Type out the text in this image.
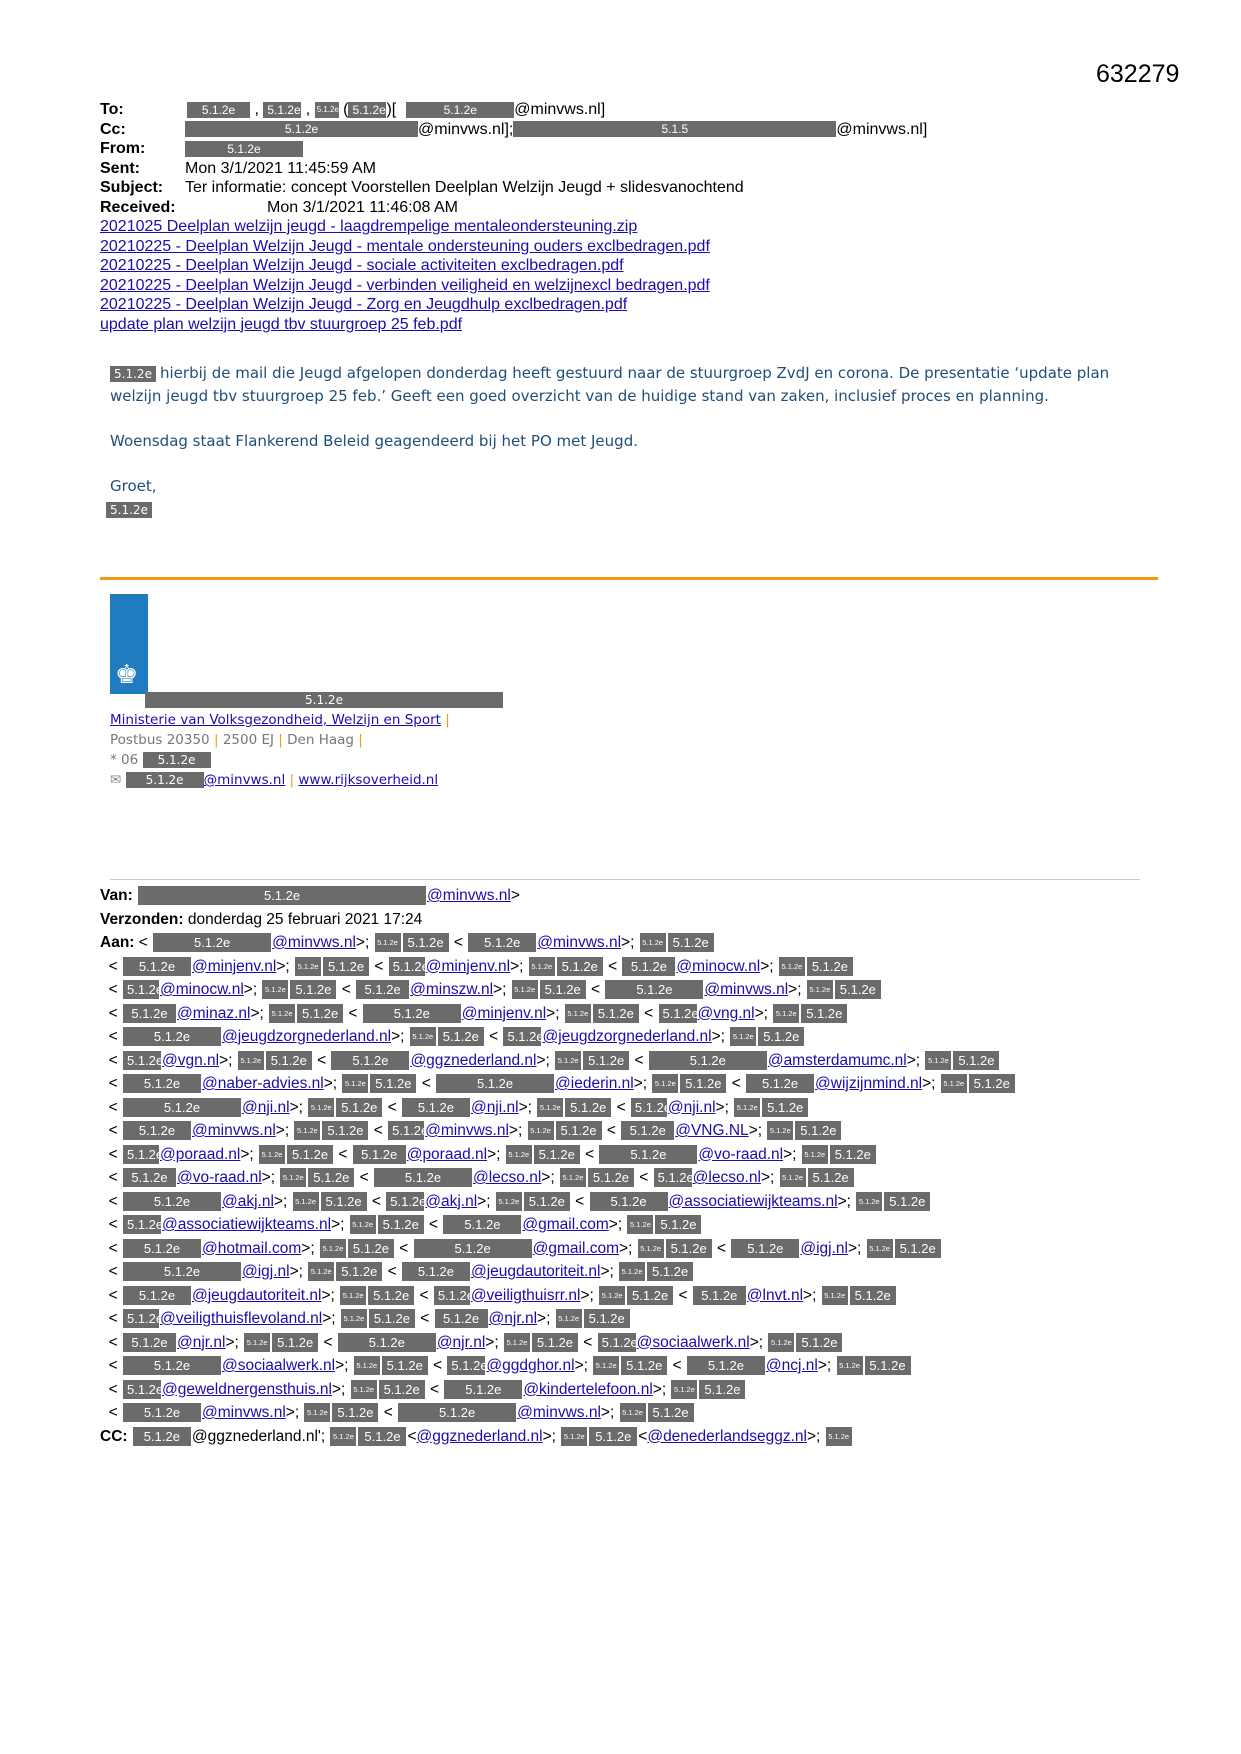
632279
To:	5.1.2e , 5.1.2e , 5.1.2e ( 5.1.2e )[	5.1.2e	@minvws.nl]
Cc:	5.1.2e	@minvws.nl];	5.1.5	@minvws.nl]
From:	5.1.2e
Sent:	Mon 3/1/2021 11:45:59 AM
Subject:	Ter informatie: concept Voorstellen Deelplan Welzijn Jeugd + slidesvanochtend
Received:	Mon 3/1/2021 11:46:08 AM
2021025 Deelplan welzijn jeugd - laagdrempelige mentaleondersteuning.zip
20210225 - Deelplan Welzijn Jeugd - mentale ondersteuning ouders exclbedragen.pdf
20210225 - Deelplan Welzijn Jeugd - sociale activiteiten exclbedragen.pdf
20210225 - Deelplan Welzijn Jeugd - verbinden veiligheid en welzijnexcl bedragen.pdf
20210225 - Deelplan Welzijn Jeugd - Zorg en Jeugdhulp exclbedragen.pdf
update plan welzijn jeugd tbv stuurgroep 25 feb.pdf

5.1.2e hierbij de mail die Jeugd afgelopen donderdag heeft gestuurd naar de stuurgroep ZvdJ en corona. De presentatie ‘update plan welzijn jeugd tbv stuurgroep 25 feb.’ Geeft een goed overzicht van de huidige stand van zaken, inclusief proces en planning.

Woensdag staat Flankerend Beleid geagendeerd bij het PO met Jeugd.

Groet,
5.1.2e

♚
5.1.2e
Ministerie van Volksgezondheid, Welzijn en Sport |
Postbus 20350 | 2500 EJ | Den Haag |
* 06 5.1.2e
✉ 5.1.2e @minvws.nl | www.rijksoverheid.nl
Van:	5.1.2e	@minvws.nl>
Verzonden: donderdag 25 februari 2021 17:24
Aan: <	5.1.2e	@minvws.nl>; 5.1.2e 5.1.2e < 5.1.2e @minvws.nl>; 5.1.2e 5.1.2e
< 5.1.2e @minjenv.nl>; 5.1.2e 5.1.2e < 5.1.2e@minjenv.nl>; 5.1.2e 5.1.2e < 5.1.2e @minocw.nl>; 5.1.2e 5.1.2e
< 5.1.2e@minocw.nl>; 5.1.2e 5.1.2e < 5.1.2e @minszw.nl>; 5.1.2e 5.1.2e < 5.1.2e @minvws.nl>; 5.1.2e 5.1.2e
< 5.1.2e @minaz.nl>; 5.1.2e 5.1.2e < 5.1.2e @minjenv.nl>; 5.1.2e 5.1.2e < 5.1.2e@vng.nl>; 5.1.2e 5.1.2e
< 5.1.2e @jeugdzorgnederland.nl>; 5.1.2e 5.1.2e < 5.1.2e@jeugdzorgnederland.nl>; 5.1.2e 5.1.2e
< 5.1.2e@vgn.nl>; 5.1.2e 5.1.2e < 5.1.2e @ggznederland.nl>; 5.1.2e 5.1.2e <	5.1.2e	@amsterdamumc.nl>; 5.1.2e 5.1.2e
< 5.1.2e @naber-advies.nl>; 5.1.2e 5.1.2e <	5.1.2e	@iederin.nl>; 5.1.2e 5.1.2e < 5.1.2e @wijzijnmind.nl>; 5.1.2e 5.1.2e
<	5.1.2e	@nji.nl>; 5.1.2e 5.1.2e < 5.1.2e @nji.nl>; 5.1.2e 5.1.2e < 5.1.2e@nji.nl>; 5.1.2e 5.1.2e
< 5.1.2e @minvws.nl>; 5.1.2e 5.1.2e < 5.1.2e@minvws.nl>; 5.1.2e 5.1.2e < 5.1.2e @VNG.NL>; 5.1.2e 5.1.2e
< 5.1.2e@poraad.nl>; 5.1.2e 5.1.2e < 5.1.2e @poraad.nl>; 5.1.2e 5.1.2e < 5.1.2e @vo-raad.nl>; 5.1.2e 5.1.2e
< 5.1.2e @vo-raad.nl>; 5.1.2e 5.1.2e < 5.1.2e @lecso.nl>; 5.1.2e 5.1.2e < 5.1.2e@lecso.nl>; 5.1.2e 5.1.2e
< 5.1.2e @akj.nl>; 5.1.2e 5.1.2e < 5.1.2e@akj.nl>; 5.1.2e 5.1.2e < 5.1.2e @associatiewijkteams.nl>; 5.1.2e 5.1.2e
< 5.1.2e@associatiewijkteams.nl>; 5.1.2e 5.1.2e < 5.1.2e @gmail.com>; 5.1.2e 5.1.2e
< 5.1.2e @hotmail.com>; 5.1.2e 5.1.2e <	5.1.2e	@gmail.com>; 5.1.2e 5.1.2e < 5.1.2e @igj.nl>; 5.1.2e 5.1.2e
<	5.1.2e	@igj.nl>; 5.1.2e 5.1.2e < 5.1.2e @jeugdautoriteit.nl>; 5.1.2e 5.1.2e
< 5.1.2e @jeugdautoriteit.nl>; 5.1.2e 5.1.2e < 5.1.2e@veiligthuisrr.nl>; 5.1.2e 5.1.2e < 5.1.2e @lnvt.nl>; 5.1.2e 5.1.2e
< 5.1.2e@veiligthuisflevoland.nl>; 5.1.2e 5.1.2e < 5.1.2e @njr.nl>; 5.1.2e 5.1.2e
< 5.1.2e @njr.nl>; 5.1.2e 5.1.2e < 5.1.2e @njr.nl>; 5.1.2e 5.1.2e < 5.1.2e@sociaalwerk.nl>; 5.1.2e 5.1.2e
< 5.1.2e @sociaalwerk.nl>; 5.1.2e 5.1.2e < 5.1.2e@ggdghor.nl>; 5.1.2e 5.1.2e < 5.1.2e @ncj.nl>; 5.1.2e 5.1.2e
< 5.1.2e@geweldnergensthuis.nl>; 5.1.2e 5.1.2e < 5.1.2e @kindertelefoon.nl>; 5.1.2e 5.1.2e
< 5.1.2e @minvws.nl>; 5.1.2e 5.1.2e <	5.1.2e	@minvws.nl>; 5.1.2e 5.1.2e
CC: 5.1.2e @ggznederland.nl'; 5.1.2e 5.1.2e <@ggznederland.nl>; 5.1.2e 5.1.2e <@denederlandseggz.nl>; 5.1.2e
